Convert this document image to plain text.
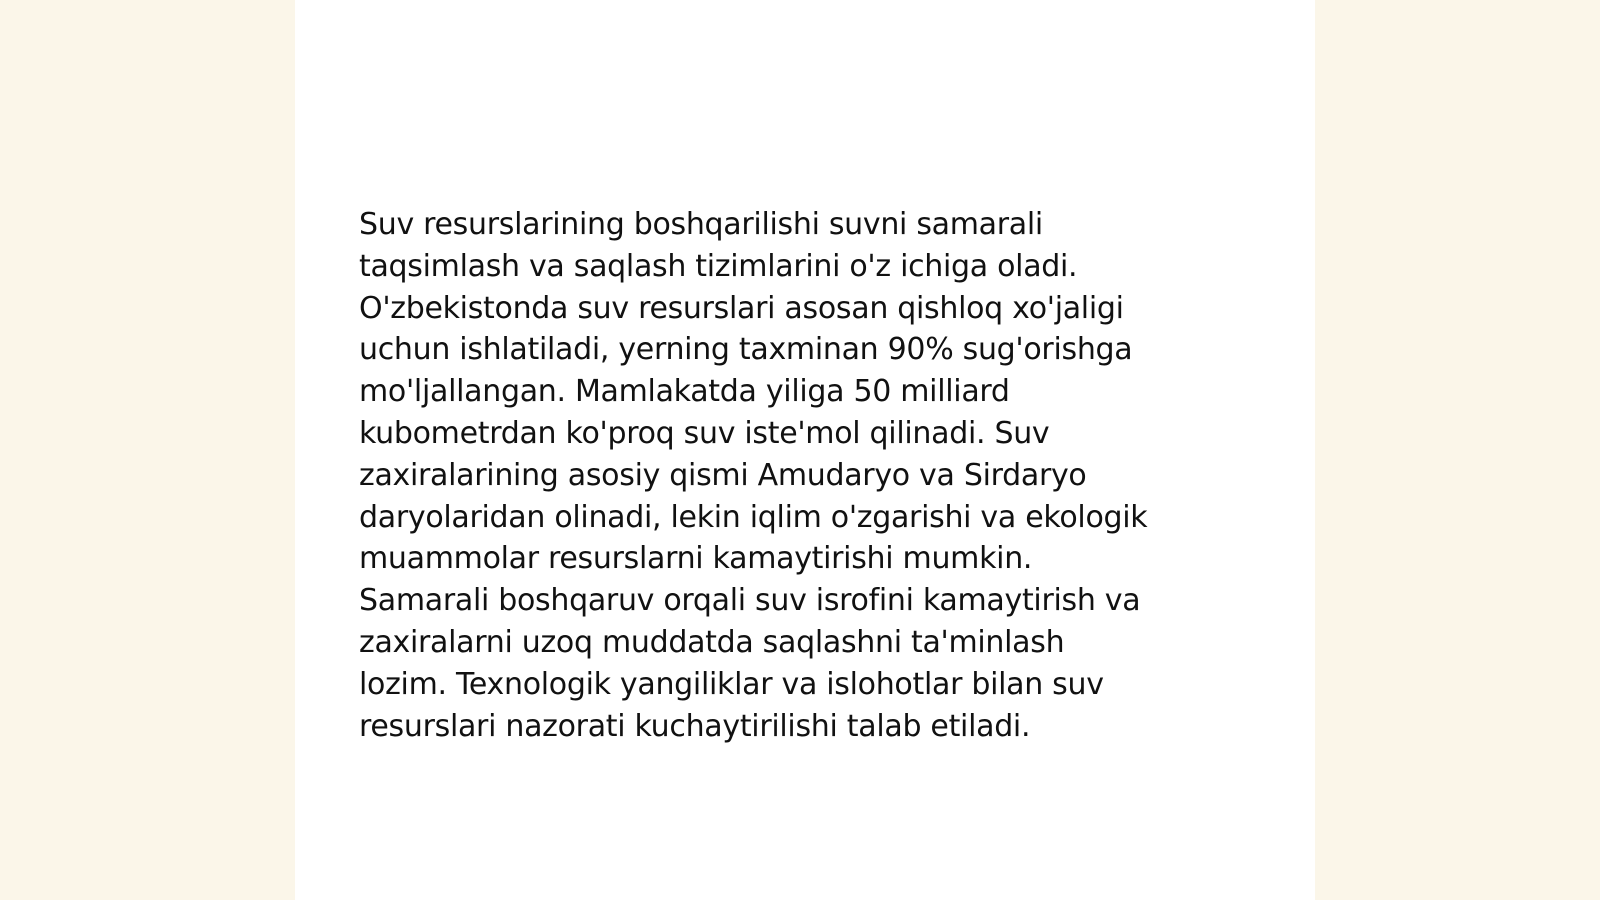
Suv resurslarining boshqarilishi suvni samarali
taqsimlash va saqlash tizimlarini o'z ichiga oladi.
O'zbekistonda suv resurslari asosan qishloq xo'jaligi
uchun ishlatiladi, yerning taxminan 90% sug'orishga
mo'ljallangan. Mamlakatda yiliga 50 milliard
kubometrdan ko'proq suv iste'mol qilinadi. Suv
zaxiralarining asosiy qismi Amudaryo va Sirdaryo
daryolaridan olinadi, lekin iqlim o'zgarishi va ekologik
muammolar resurslarni kamaytirishi mumkin.
Samarali boshqaruv orqali suv isrofini kamaytirish va
zaxiralarni uzoq muddatda saqlashni ta'minlash
lozim. Texnologik yangiliklar va islohotlar bilan suv
resurslari nazorati kuchaytirilishi talab etiladi.
